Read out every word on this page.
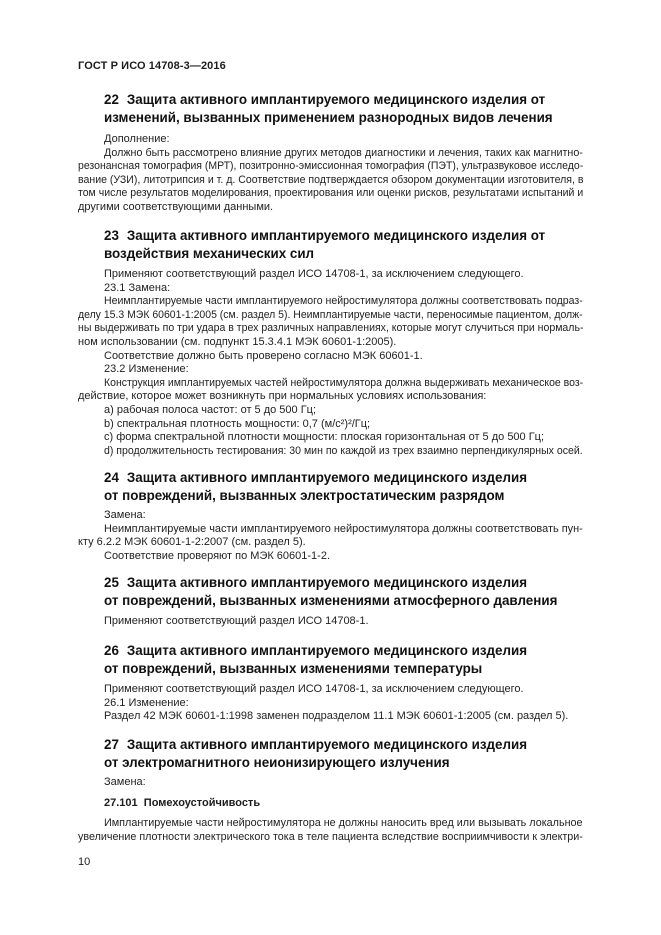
ГОСТ Р ИСО 14708-3—2016
22 Защита активного имплантируемого медицинского изделия от
изменений, вызванных применением разнородных видов лечения
Дополнение:
Должно быть рассмотрено влияние других методов диагностики и лечения, таких как магнитно-
резонансная томография (МРТ), позитронно-эмиссионная томография (ПЭТ), ультразвуковое исследо-
вание (УЗИ), литотрипсия и т. д. Соответствие подтверждается обзором документации изготовителя, в
том числе результатов моделирования, проектирования или оценки рисков, результатами испытаний и
другими соответствующими данными.
23 Защита активного имплантируемого медицинского изделия от
воздействия механических сил
Применяют соответствующий раздел ИСО 14708-1, за исключением следующего.
23.1 Замена:
Неимплантируемые части имплантируемого нейростимулятора должны соответствовать подраз-
делу 15.3 МЭК 60601-1:2005 (см. раздел 5). Неимплантируемые части, переносимые пациентом, долж-
ны выдерживать по три удара в трех различных направлениях, которые могут случиться при нормаль-
ном использовании (см. подпункт 15.3.4.1 МЭК 60601-1:2005).
Соответствие должно быть проверено согласно МЭК 60601-1.
23.2 Изменение:
Конструкция имплантируемых частей нейростимулятора должна выдерживать механическое воз-
действие, которое может возникнуть при нормальных условиях использования:
a) рабочая полоса частот: от 5 до 500 Гц;
b) спектральная плотность мощности: 0,7 (м/с²)²/Гц;
c) форма спектральной плотности мощности: плоская горизонтальная от 5 до 500 Гц;
d) продолжительность тестирования: 30 мин по каждой из трех взаимно перпендикулярных осей.
24 Защита активного имплантируемого медицинского изделия
от повреждений, вызванных электростатическим разрядом
Замена:
Неимплантируемые части имплантируемого нейростимулятора должны соответствовать пун-
кту 6.2.2 МЭК 60601-1-2:2007 (см. раздел 5).
Соответствие проверяют по МЭК 60601-1-2.
25 Защита активного имплантируемого медицинского изделия
от повреждений, вызванных изменениями атмосферного давления
Применяют соответствующий раздел ИСО 14708-1.
26 Защита активного имплантируемого медицинского изделия
от повреждений, вызванных изменениями температуры
Применяют соответствующий раздел ИСО 14708-1, за исключением следующего.
26.1 Изменение:
Раздел 42 МЭК 60601-1:1998 заменен подразделом 11.1 МЭК 60601-1:2005 (см. раздел 5).
27 Защита активного имплантируемого медицинского изделия
от электромагнитного неионизирующего излучения
Замена:
27.101 Помехоустойчивость
Имплантируемые части нейростимулятора не должны наносить вред или вызывать локальное
увеличение плотности электрического тока в теле пациента вследствие восприимчивости к электри-
10
